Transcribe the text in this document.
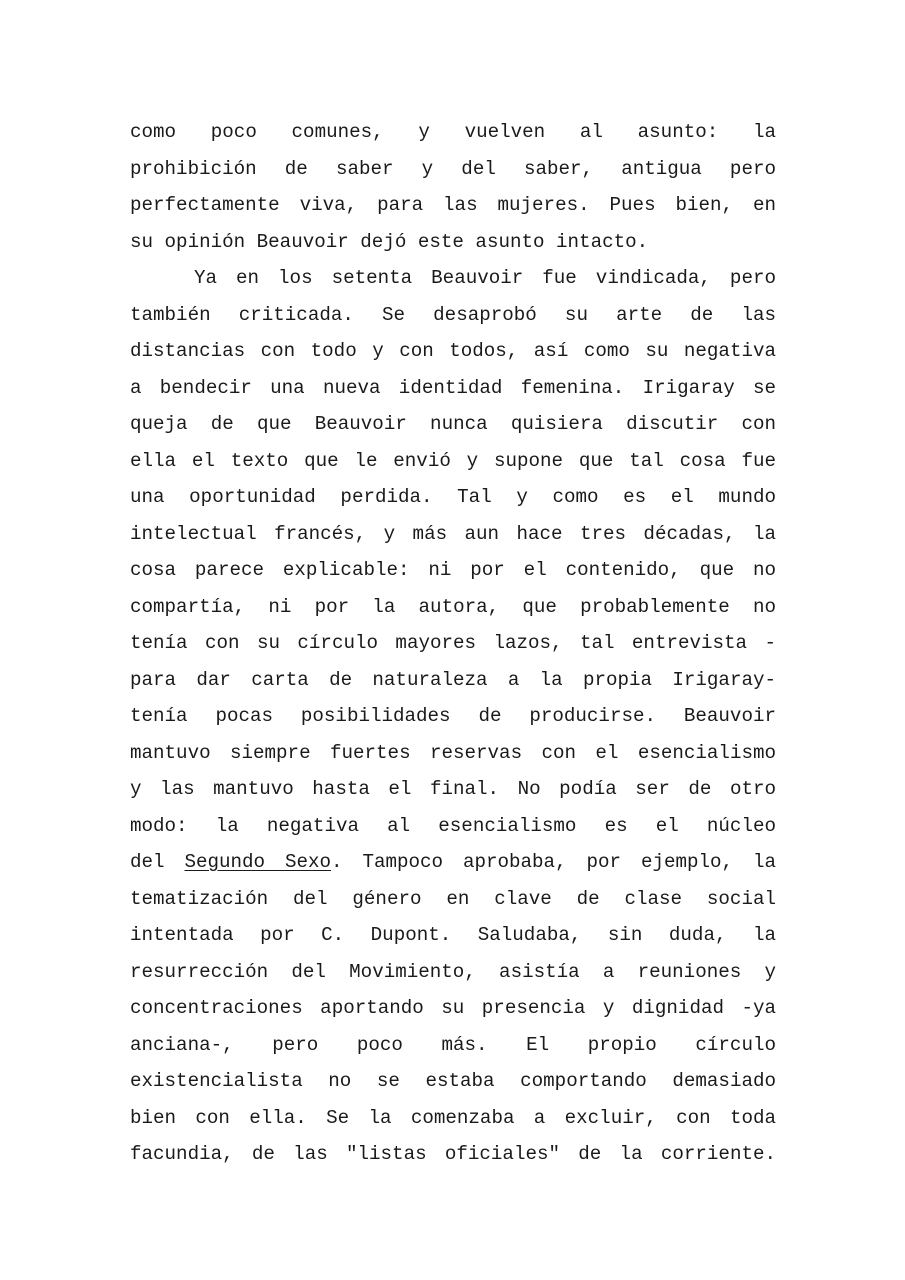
como poco comunes, y vuelven al asunto: la
prohibición de saber y del saber, antigua pero
perfectamente viva, para las mujeres. Pues bien, en
su opinión Beauvoir dejó este asunto intacto.
Ya en los setenta Beauvoir fue vindicada, pero
también criticada. Se desaprobó su arte de las
distancias con todo y con todos, así como su negativa
a bendecir una nueva identidad femenina. Irigaray se
queja de que Beauvoir nunca quisiera discutir con
ella el texto que le envió y supone que tal cosa fue
una oportunidad perdida. Tal y como es el mundo
intelectual francés, y más aun hace tres décadas, la
cosa parece explicable: ni por el contenido, que no
compartía, ni por la autora, que probablemente no
tenía con su círculo mayores lazos, tal entrevista -
para dar carta de naturaleza a la propia Irigaray-
tenía pocas posibilidades de producirse. Beauvoir
mantuvo siempre fuertes reservas con el esencialismo
y las mantuvo hasta el final. No podía ser de otro
modo: la negativa al esencialismo es el núcleo
del Segundo Sexo. Tampoco aprobaba, por ejemplo, la
tematización del género en clave de clase social
intentada por C. Dupont. Saludaba, sin duda, la
resurrección del Movimiento, asistía a reuniones y
concentraciones aportando su presencia y dignidad -ya
anciana-, pero poco más. El propio círculo
existencialista no se estaba comportando demasiado
bien con ella. Se la comenzaba a excluir, con toda
facundia, de las "listas oficiales" de la corriente.
